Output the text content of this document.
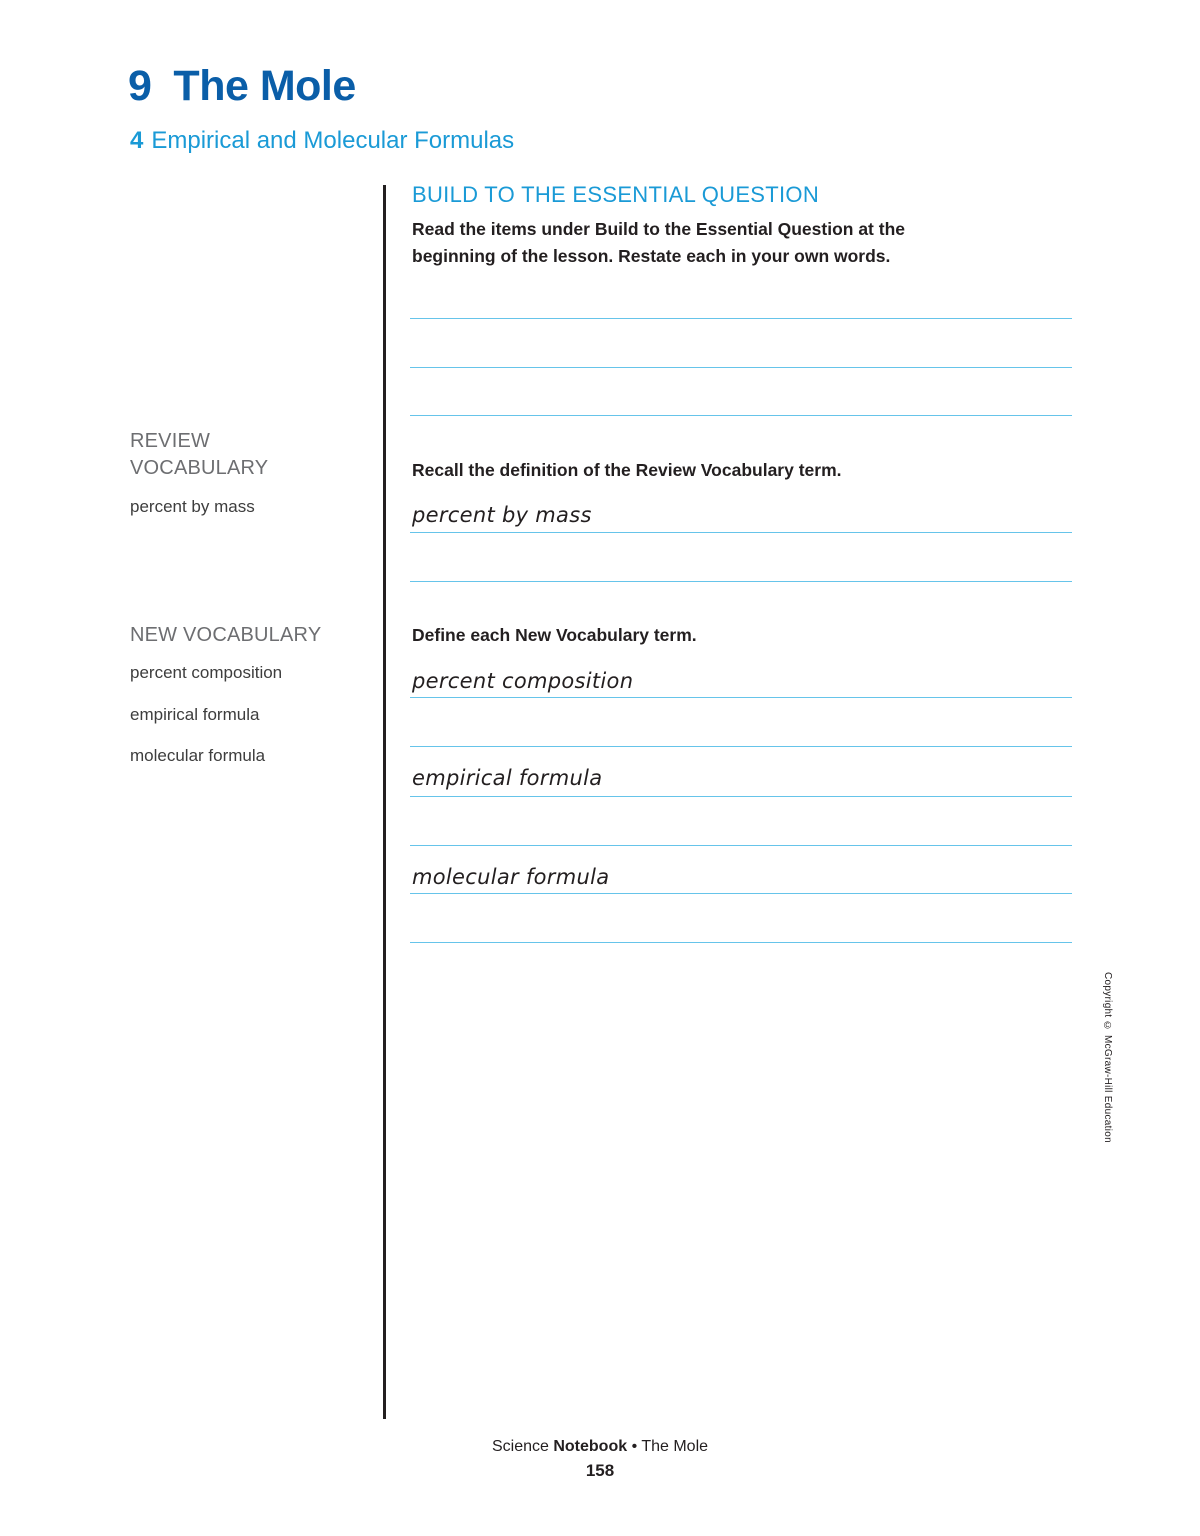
9 The Mole
4 Empirical and Molecular Formulas
REVIEW
VOCABULARY
percent by mass
NEW VOCABULARY
percent composition
empirical formula
molecular formula
BUILD TO THE ESSENTIAL QUESTION
Read the items under Build to the Essential Question at the
beginning of the lesson. Restate each in your own words.
Recall the definition of the Review Vocabulary term.
percent by mass
Define each New Vocabulary term.
percent composition
empirical formula
molecular formula
Copyright © McGraw-Hill Education
Science Notebook • The Mole
158
